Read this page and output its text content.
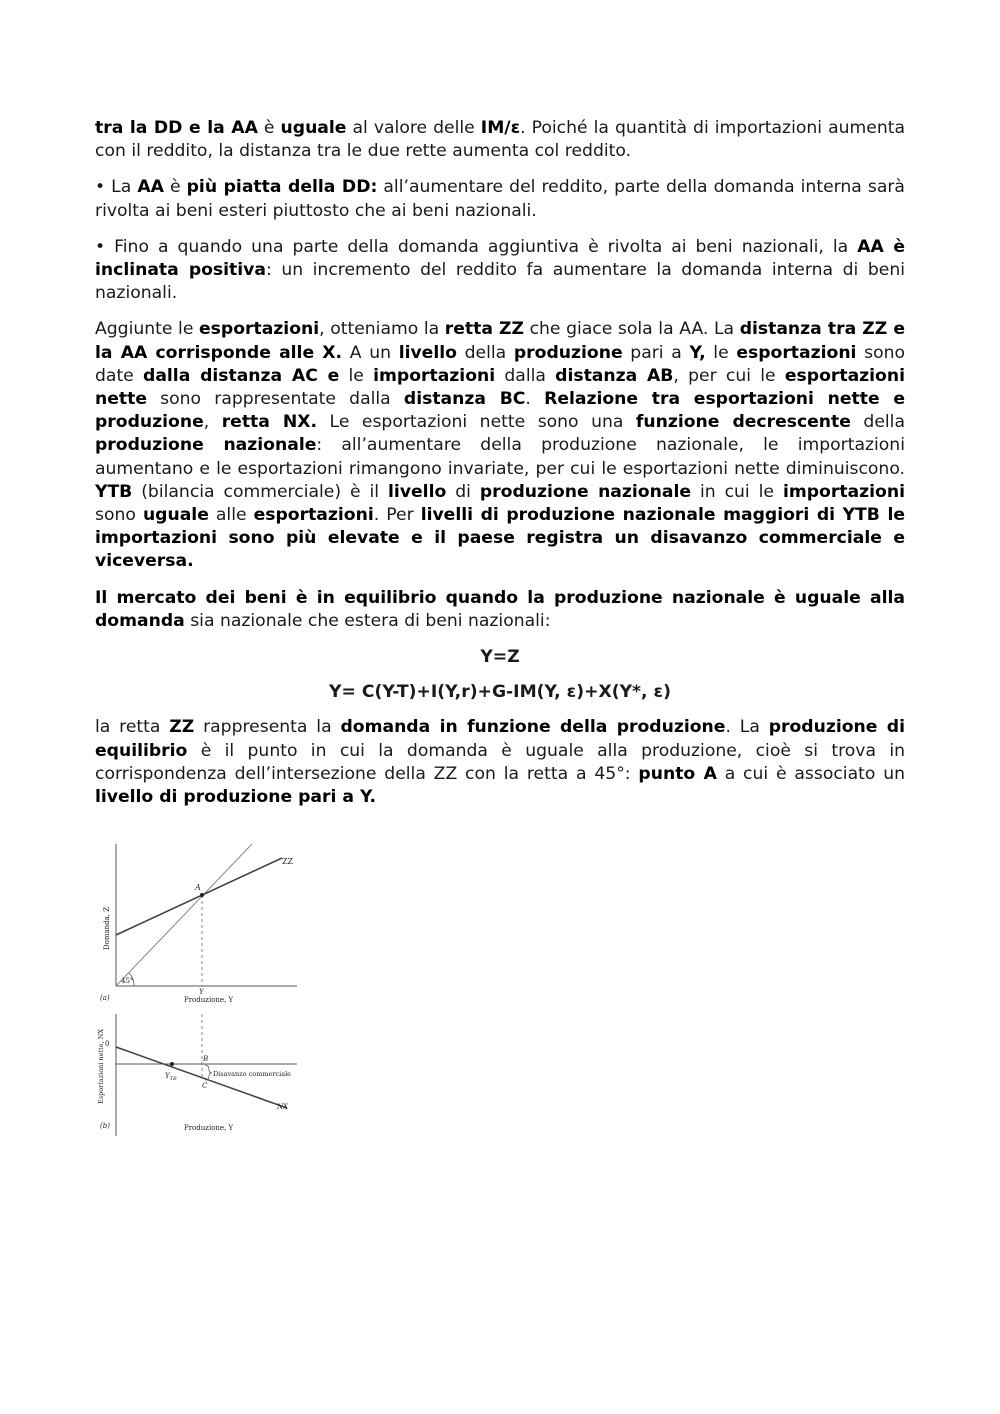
tra la DD e la AA è uguale al valore delle IM/ε. Poiché la quantità di importazioni aumenta con il reddito, la distanza tra le due rette aumenta col reddito.

• La AA è più piatta della DD: all’aumentare del reddito, parte della domanda interna sarà rivolta ai beni esteri piuttosto che ai beni nazionali.

• Fino a quando una parte della domanda aggiuntiva è rivolta ai beni nazionali, la AA è inclinata positiva: un incremento del reddito fa aumentare la domanda interna di beni nazionali.

Aggiunte le esportazioni, otteniamo la retta ZZ che giace sola la AA. La distanza tra ZZ e la AA corrisponde alle X. A un livello della produzione pari a Y, le esportazioni sono date dalla distanza AC e le importazioni dalla distanza AB, per cui le esportazioni nette sono rappresentate dalla distanza BC. Relazione tra esportazioni nette e produzione, retta NX. Le esportazioni nette sono una funzione decrescente della produzione nazionale: all’aumentare della produzione nazionale, le importazioni aumentano e le esportazioni rimangono invariate, per cui le esportazioni nette diminuiscono. YTB (bilancia commerciale) è il livello di produzione nazionale in cui le importazioni sono uguale alle esportazioni. Per livelli di produzione nazionale maggiori di YTB le importazioni sono più elevate e il paese registra un disavanzo commerciale e viceversa.

Il mercato dei beni è in equilibrio quando la produzione nazionale è uguale alla domanda sia nazionale che estera di beni nazionali:

Y=Z

Y= C(Y-T)+I(Y,r)+G-IM(Y, ε)+X(Y*, ε)

la retta ZZ rappresenta la domanda in funzione della produzione. La produzione di equilibrio è il punto in cui la domanda è uguale alla produzione, cioè si trova in corrispondenza dell’intersezione della ZZ con la retta a 45°: punto A a cui è associato un livello di produzione pari a Y.

ZZ
A
45°
Y
Produzione, Y
(a)
Domanda, Z
0
$Y_{TB}$
B
C
Disavanzo commerciale
NX
Produzione, Y
(b)
Esportazioni nette, NX
